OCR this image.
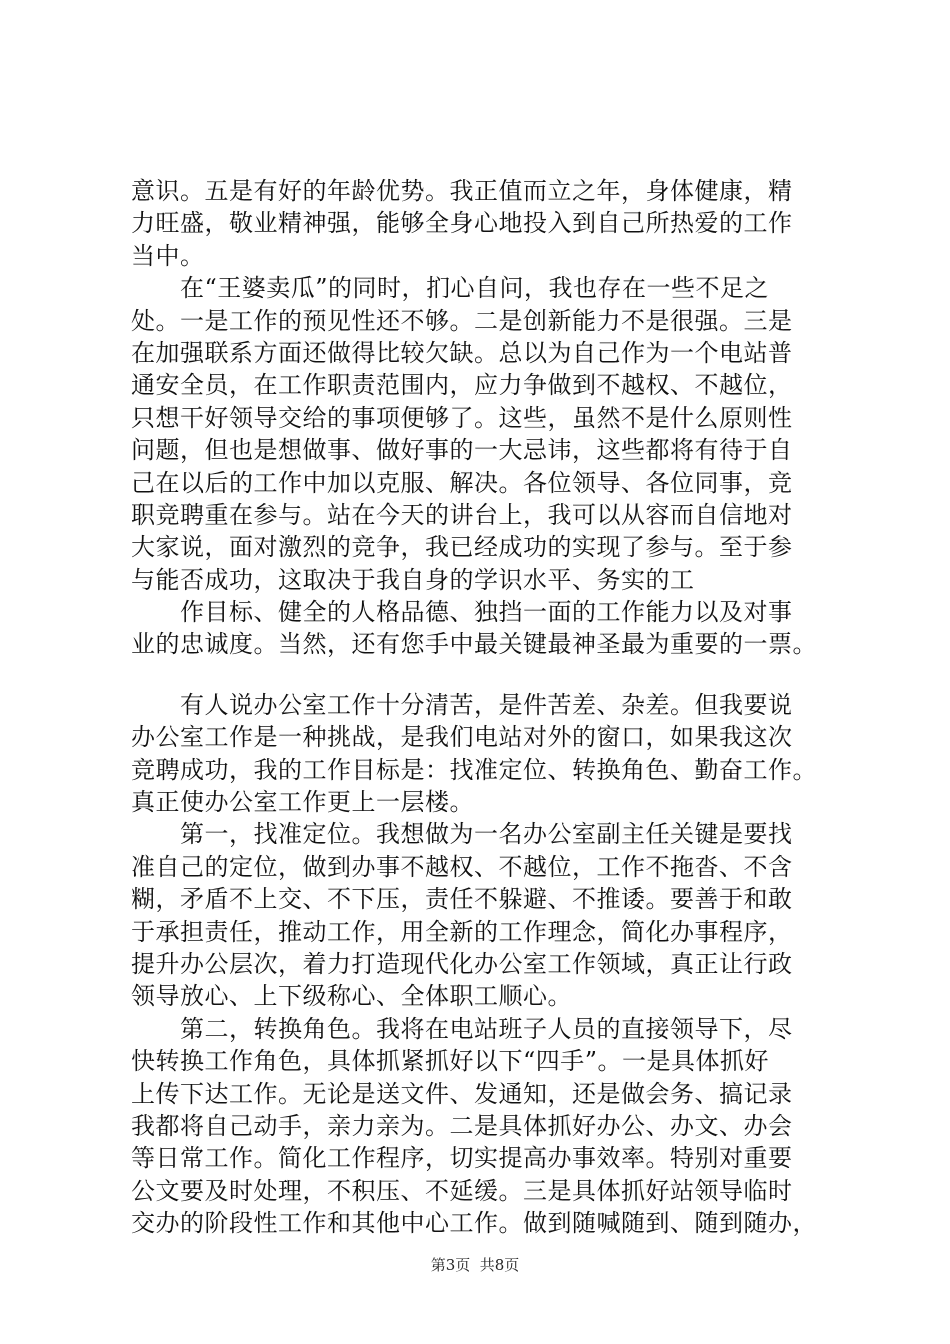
意识。五是有好的年龄优势。我正值而立之年，身体健康，精
力旺盛，敬业精神强，能够全身心地投入到自己所热爱的工作
当中。
　　在“王婆卖瓜”的同时，扪心自问，我也存在一些不足之
处。一是工作的预见性还不够。二是创新能力不是很强。三是
在加强联系方面还做得比较欠缺。总以为自己作为一个电站普
通安全员，在工作职责范围内，应力争做到不越权、不越位，
只想干好领导交给的事项便够了。这些，虽然不是什么原则性
问题，但也是想做事、做好事的一大忌讳，这些都将有待于自
己在以后的工作中加以克服、解决。各位领导、各位同事，竞
职竞聘重在参与。站在今天的讲台上，我可以从容而自信地对
大家说，面对激烈的竞争，我已经成功的实现了参与。至于参
与能否成功，这取决于我自身的学识水平、务实的工
　　作目标、健全的人格品德、独挡一面的工作能力以及对事
业的忠诚度。当然，还有您手中最关键最神圣最为重要的一票。
　　有人说办公室工作十分清苦，是件苦差、杂差。但我要说
办公室工作是一种挑战，是我们电站对外的窗口，如果我这次
竞聘成功，我的工作目标是：找准定位、转换角色、勤奋工作。
真正使办公室工作更上一层楼。
　　第一，找准定位。我想做为一名办公室副主任关键是要找
准自己的定位，做到办事不越权、不越位，工作不拖沓、不含
糊，矛盾不上交、不下压，责任不躲避、不推诿。要善于和敢
于承担责任，推动工作，用全新的工作理念，简化办事程序，
提升办公层次，着力打造现代化办公室工作领域，真正让行政
领导放心、上下级称心、全体职工顺心。
　　第二，转换角色。我将在电站班子人员的直接领导下，尽
快转换工作角色，具体抓紧抓好以下“四手”。一是具体抓好
上传下达工作。无论是送文件、发通知，还是做会务、搞记录
我都将自己动手，亲力亲为。二是具体抓好办公、办文、办会
等日常工作。简化工作程序，切实提高办事效率。特别对重要
公文要及时处理，不积压、不延缓。三是具体抓好站领导临时
交办的阶段性工作和其他中心工作。做到随喊随到、随到随办，
第3页  共8页
